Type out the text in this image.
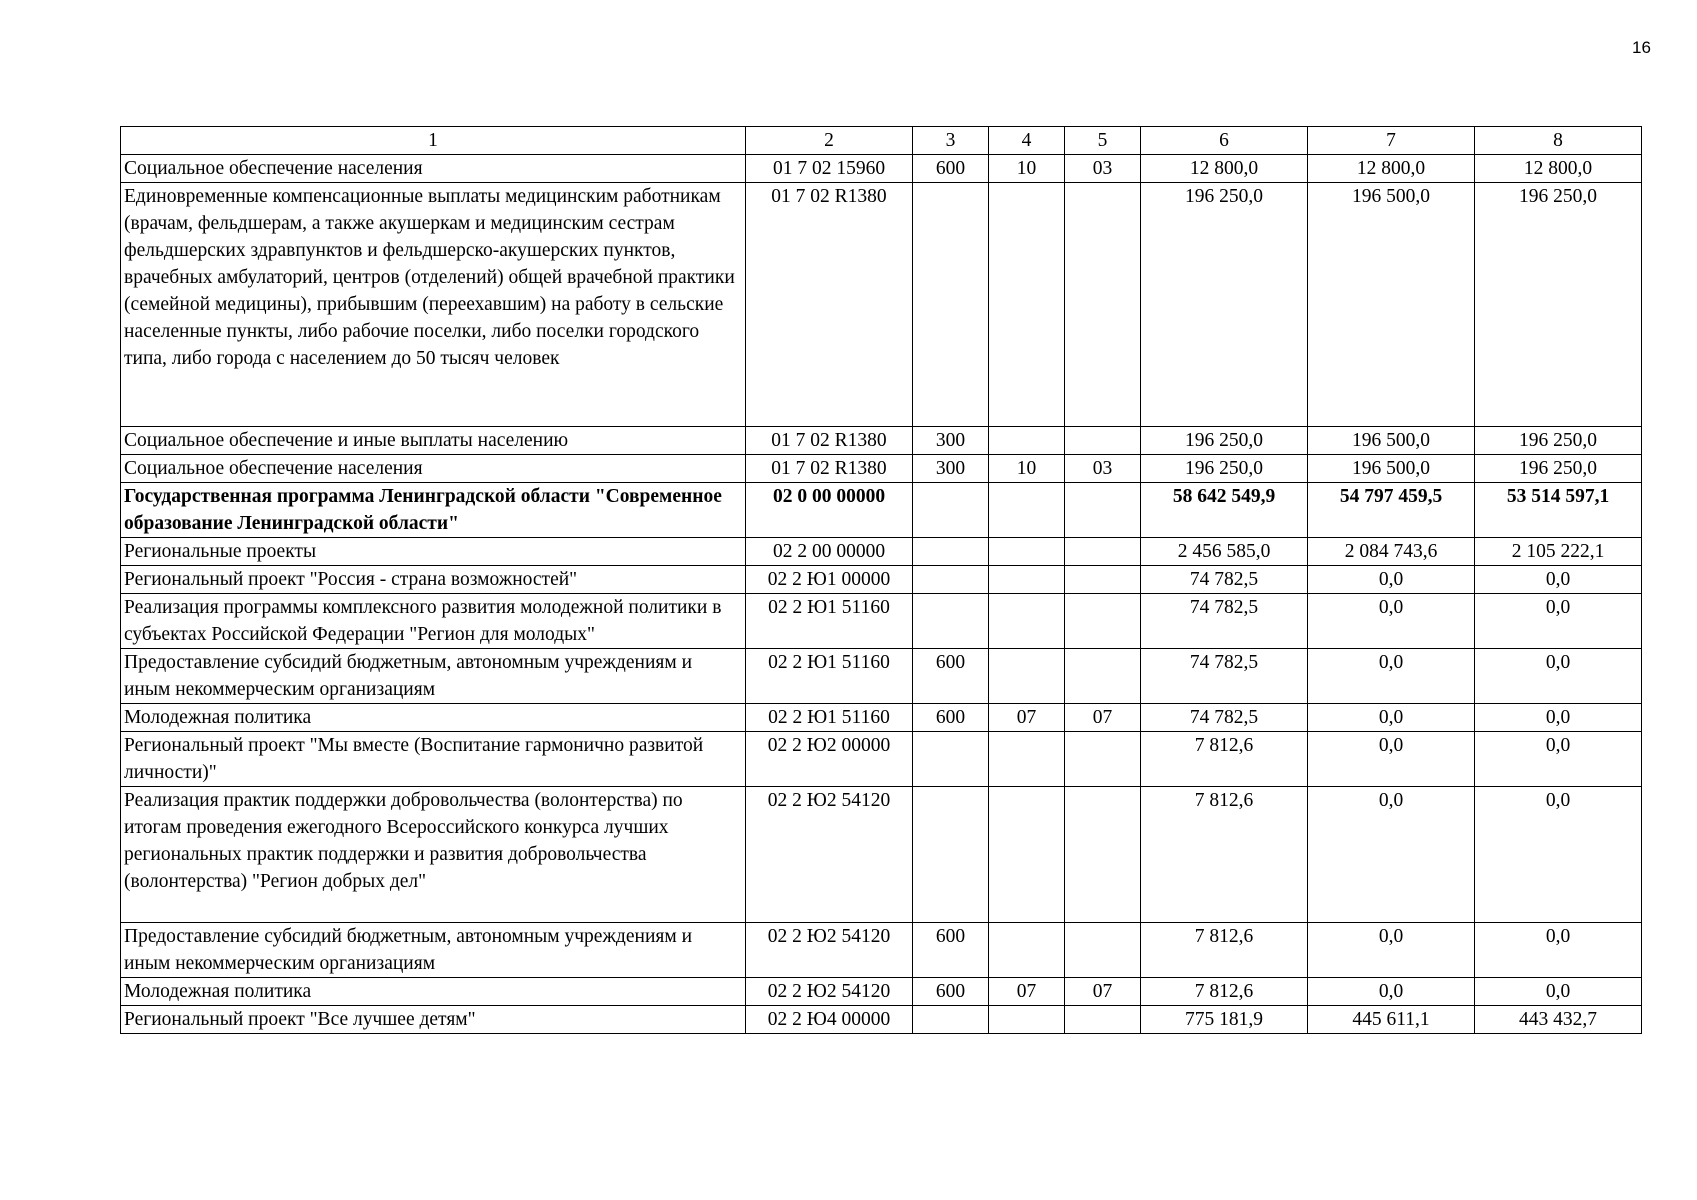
16
1	2	3	4	5	6	7	8
Социальное обеспечение населения	01 7 02 15960	600	10	03	12 800,0	12 800,0	12 800,0
Единовременные компенсационные выплаты медицинским работникам (врачам, фельдшерам, а также акушеркам и медицинским сестрам фельдшерских здравпунктов и фельдшерско-акушерских пунктов, врачебных амбулаторий, центров (отделений) общей врачебной практики (семейной медицины), прибывшим (переехавшим) на работу в сельские населенные пункты, либо рабочие поселки, либо поселки городского типа, либо города с населением до 50 тысяч человек	01 7 02 R1380				196 250,0	196 500,0	196 250,0
Социальное обеспечение и иные выплаты населению	01 7 02 R1380	300			196 250,0	196 500,0	196 250,0
Социальное обеспечение населения	01 7 02 R1380	300	10	03	196 250,0	196 500,0	196 250,0
Государственная программа Ленинградской области "Современное образование Ленинградской области"	02 0 00 00000				58 642 549,9	54 797 459,5	53 514 597,1
Региональные проекты	02 2 00 00000				2 456 585,0	2 084 743,6	2 105 222,1
Региональный проект "Россия - страна возможностей"	02 2 Ю1 00000				74 782,5	0,0	0,0
Реализация программы комплексного развития молодежной политики в субъектах Российской Федерации "Регион для молодых"	02 2 Ю1 51160				74 782,5	0,0	0,0
Предоставление субсидий бюджетным, автономным учреждениям и иным некоммерческим организациям	02 2 Ю1 51160	600			74 782,5	0,0	0,0
Молодежная политика	02 2 Ю1 51160	600	07	07	74 782,5	0,0	0,0
Региональный проект "Мы вместе (Воспитание гармонично развитой личности)"	02 2 Ю2 00000				7 812,6	0,0	0,0
Реализация практик поддержки добровольчества (волонтерства) по итогам проведения ежегодного Всероссийского конкурса лучших региональных практик поддержки и развития добровольчества (волонтерства) "Регион добрых дел"	02 2 Ю2 54120				7 812,6	0,0	0,0
Предоставление субсидий бюджетным, автономным учреждениям и иным некоммерческим организациям	02 2 Ю2 54120	600			7 812,6	0,0	0,0
Молодежная политика	02 2 Ю2 54120	600	07	07	7 812,6	0,0	0,0
Региональный проект "Все лучшее детям"	02 2 Ю4 00000				775 181,9	445 611,1	443 432,7
